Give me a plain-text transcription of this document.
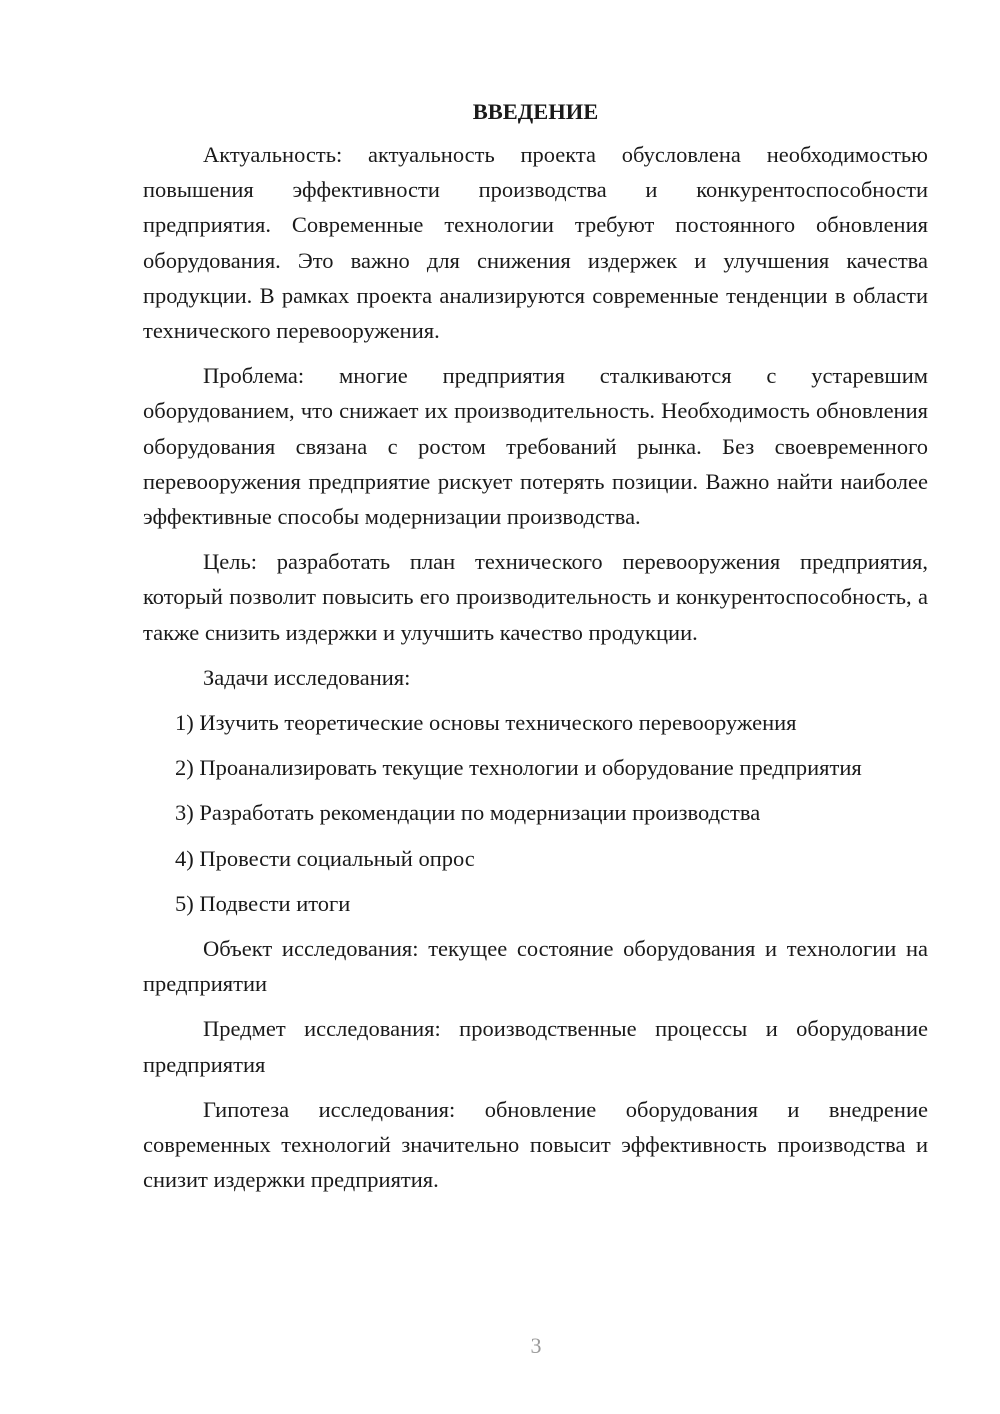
ВВЕДЕНИЕ

Актуальность: актуальность проекта обусловлена необходимостью повышения эффективности производства и конкурентоспособности предприятия. Современные технологии требуют постоянного обновления оборудования. Это важно для снижения издержек и улучшения качества продукции. В рамках проекта анализируются современные тенденции в области технического перевооружения.

Проблема: многие предприятия сталкиваются с устаревшим оборудованием, что снижает их производительность. Необходимость обновления оборудования связана с ростом требований рынка. Без своевременного перевооружения предприятие рискует потерять позиции. Важно найти наиболее эффективные способы модернизации производства.

Цель: разработать план технического перевооружения предприятия, который позволит повысить его производительность и конкурентоспособность, а также снизить издержки и улучшить качество продукции.

Задачи исследования:

1) Изучить теоретические основы технического перевооружения

2) Проанализировать текущие технологии и оборудование предприятия

3) Разработать рекомендации по модернизации производства

4) Провести социальный опрос

5) Подвести итоги

Объект исследования: текущее состояние оборудования и технологии на предприятии

Предмет исследования: производственные процессы и оборудование предприятия

Гипотеза исследования: обновление оборудования и внедрение современных технологий значительно повысит эффективность производства и снизит издержки предприятия.

3
